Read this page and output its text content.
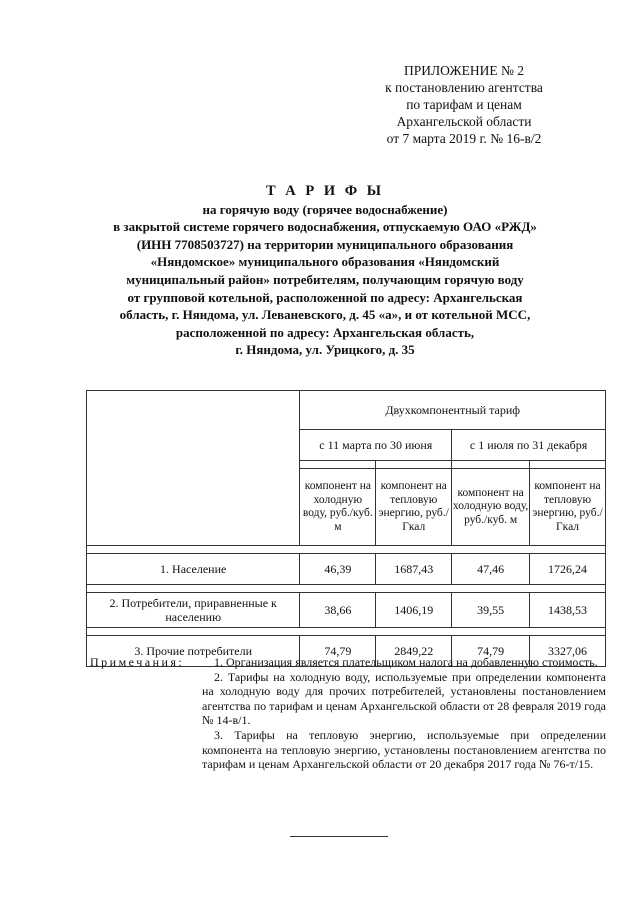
ПРИЛОЖЕНИЕ № 2
к постановлению агентства
по тарифам и ценам
Архангельской области
от 7 марта 2019 г. № 16-в/2
Т А Р И Ф Ы
на горячую воду (горячее водоснабжение)
в закрытой системе горячего водоснабжения, отпускаемую ОАО «РЖД»
(ИНН 7708503727) на территории муниципального образования
«Няндомское» муниципального образования «Няндомский
муниципальный район» потребителям, получающим горячую воду
от групповой котельной, расположенной по адресу: Архангельская
область, г. Няндома, ул. Леваневского, д. 45 «а», и от котельной МСС,
расположенной по адресу: Архангельская область,
г. Няндома, ул. Урицкого, д. 35
	Двухкомпонентный тариф			
	с 11 марта по 30 июня		с 1 июля по 31 декабря	

	компонент на холодную воду, руб./куб. м	компонент на тепловую энергию, руб./Гкал	компонент на холодную воду, руб./куб. м	компонент на тепловую энергию, руб./Гкал

1. Население	46,39	1687,43	47,46	1726,24

2. Потребители, приравненные к населению	38,66	1406,19	39,55	1438,53

3. Прочие потребители	74,79	2849,22	74,79	3327,06
Примечания:	1. Организация является плательщиком налога на добавленную стоимость.

2. Тарифы на холодную воду, используемые при определении компонента на холодную воду для прочих потребителей, установлены постановлением агентства по тарифам и ценам Архангельской области от 28 февраля 2019 года № 14-в/1.

3. Тарифы на тепловую энергию, используемые при определении компонента на тепловую энергию, установлены постановлением агентства по тарифам и ценам Архангельской области от 20 декабря 2017 года № 76-т/15.
